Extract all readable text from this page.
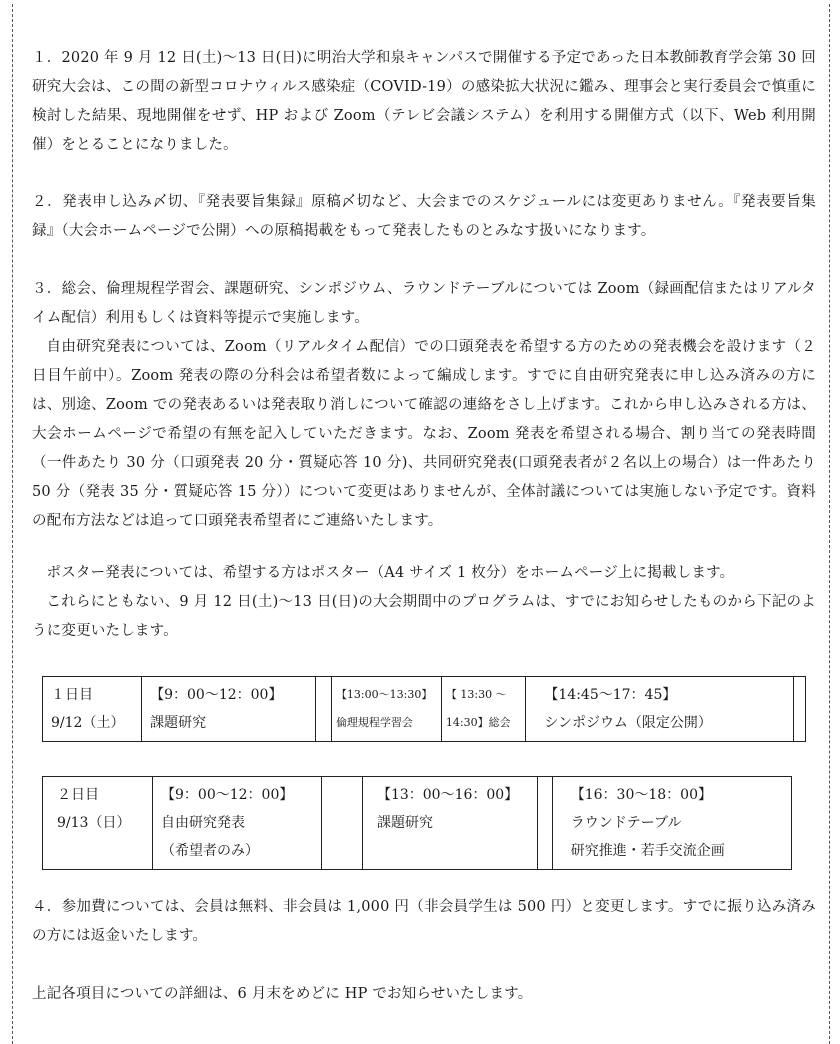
１．2020 年 9 月 12 日(土)～13 日(日)に明治大学和泉キャンパスで開催する予定であった日本教師教育学会第 30 回研究大会は、この間の新型コロナウィルス感染症（COVID-19）の感染拡大状況に鑑み、理事会と実行委員会で慎重に検討した結果、現地開催をせず、HP および Zoom（テレビ会議システム）を利用する開催方式（以下、Web 利用開催）をとることになりました。
２．発表申し込み〆切、『発表要旨集録』原稿〆切など、大会までのスケジュールには変更ありません。『発表要旨集録』（大会ホームページで公開）への原稿掲載をもって発表したものとみなす扱いになります。
３．総会、倫理規程学習会、課題研究、シンポジウム、ラウンドテーブルについては Zoom（録画配信またはリアルタイム配信）利用もしくは資料等提示で実施します。
自由研究発表については、Zoom（リアルタイム配信）での口頭発表を希望する方のための発表機会を設けます（２日目午前中）。Zoom 発表の際の分科会は希望者数によって編成します。すでに自由研究発表に申し込み済みの方には、別途、Zoom での発表あるいは発表取り消しについて確認の連絡をさし上げます。これから申し込みされる方は、大会ホームページで希望の有無を記入していただきます。なお、Zoom 発表を希望される場合、割り当ての発表時間（一件あたり 30 分（口頭発表 20 分・質疑応答 10 分)、共同研究発表(口頭発表者が２名以上の場合）は一件あたり 50 分（発表 35 分・質疑応答 15 分））について変更はありませんが、全体討議については実施しない予定です。資料の配布方法などは追って口頭発表希望者にご連絡いたします。
ポスター発表については、希望する方はポスター（A4 サイズ 1 枚分）をホームページ上に掲載します。
これらにともない、9 月 12 日(土)～13 日(日)の大会期間中のプログラムは、すでにお知らせしたものから下記のように変更いたします。
１日目
9/12（土）

【9：00～12：00】
課題研究

【13:00～13:30】
倫理規程学習会

【 13:30 ～
14:30】総会

【14:45～17：45】
シンポジウム（限定公開）

２日目
9/13（日）

【9：00～12：00】
自由研究発表
（希望者のみ）

【13：00～16：00】
課題研究

【16：30～18：00】
ラウンドテーブル
研究推進・若手交流企画
４．参加費については、会員は無料、非会員は 1,000 円（非会員学生は 500 円）と変更します。すでに振り込み済みの方には返金いたします。
上記各項目についての詳細は、6 月末をめどに HP でお知らせいたします。
